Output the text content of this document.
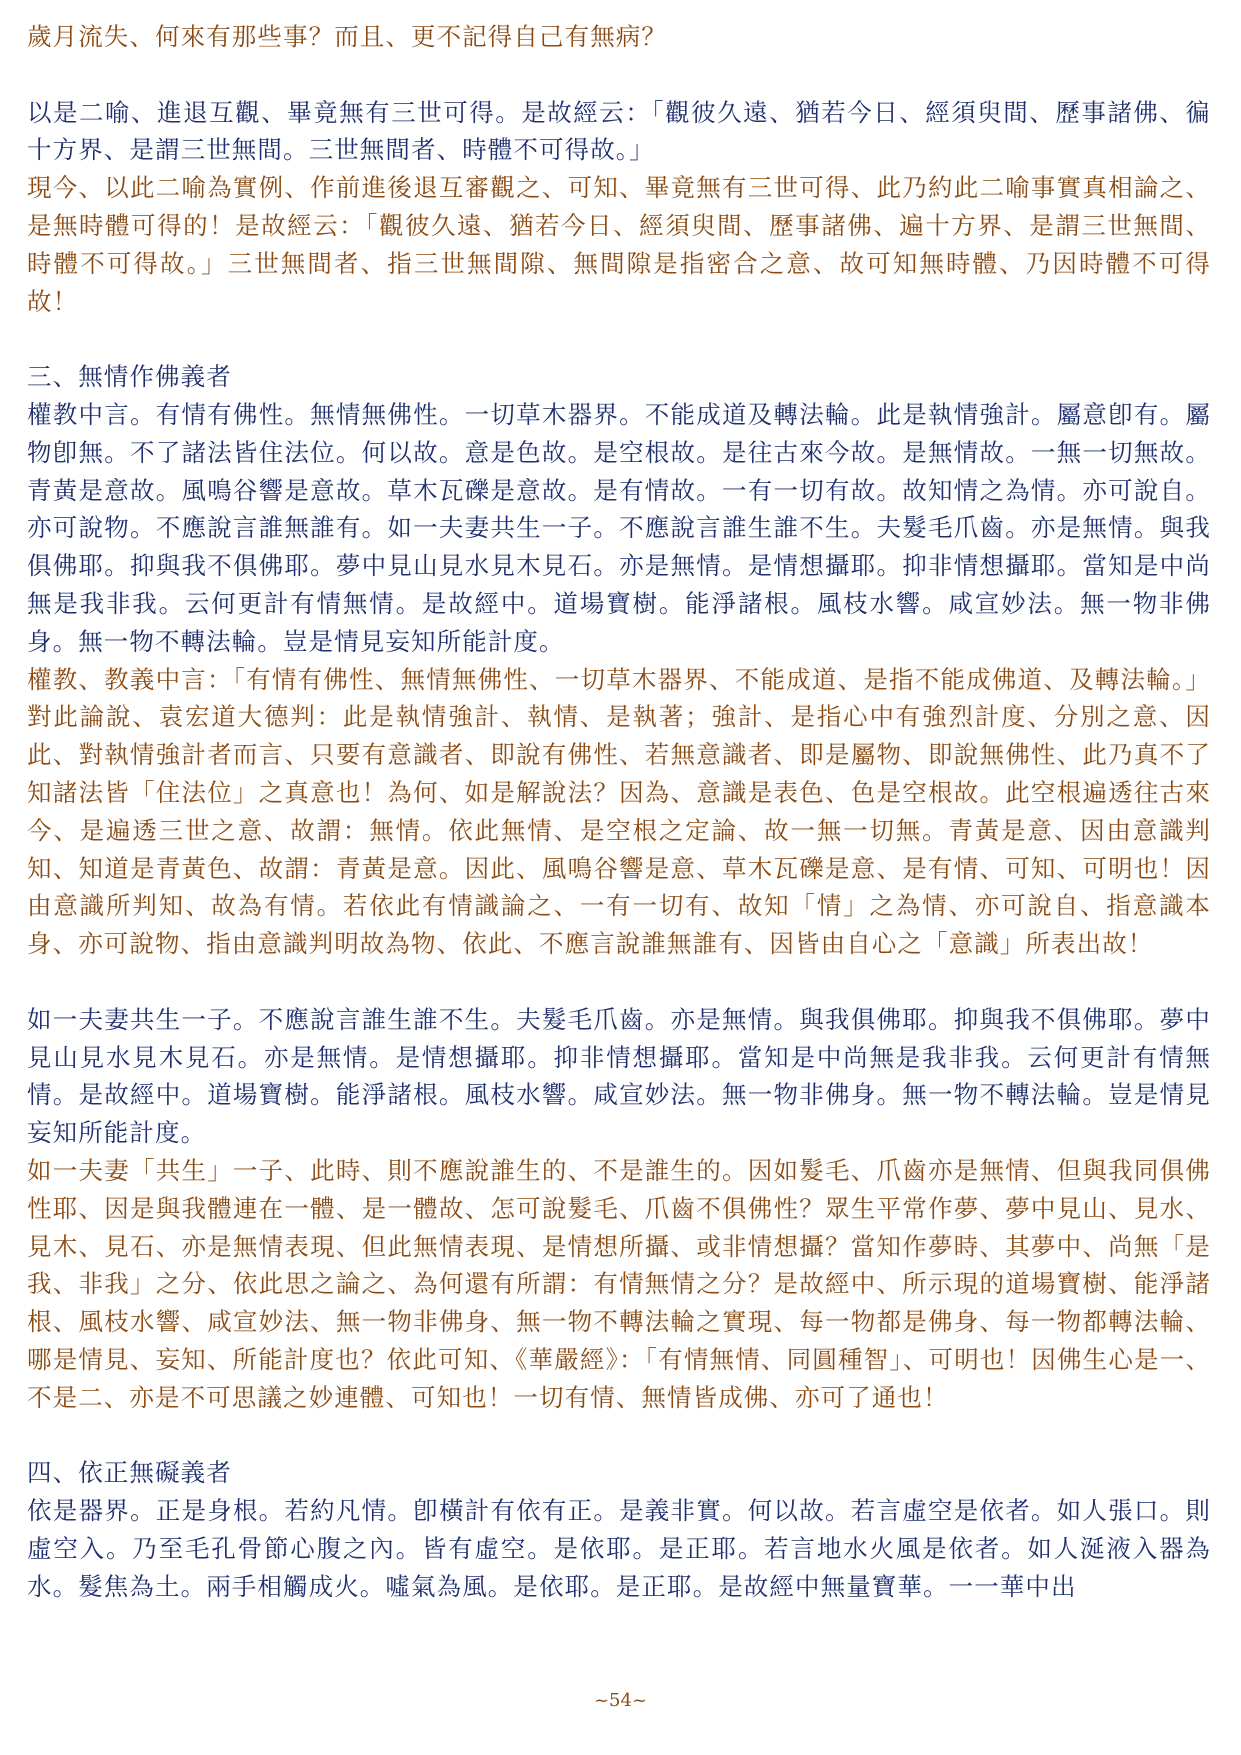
歲月流失、何來有那些事？而且、更不記得自己有無病？

以是二喻、進退互觀、畢竟無有三世可得。是故經云：「觀彼久遠、猶若今日、經須臾間、歷事諸佛、徧十方界、是謂三世無間。三世無間者、時體不可得故。」

現今、以此二喻為實例、作前進後退互審觀之、可知、畢竟無有三世可得、此乃約此二喻事實真相論之、是無時體可得的！是故經云：「觀彼久遠、猶若今日、經須臾間、歷事諸佛、遍十方界、是謂三世無間、時體不可得故。」三世無間者、指三世無間隙、無間隙是指密合之意、故可知無時體、乃因時體不可得故！

三、無情作佛義者

權教中言。有情有佛性。無情無佛性。一切草木器界。不能成道及轉法輪。此是執情強計。屬意卽有。屬物卽無。不了諸法皆住法位。何以故。意是色故。是空根故。是往古來今故。是無情故。一無一切無故。青黃是意故。風鳴谷響是意故。草木瓦礫是意故。是有情故。一有一切有故。故知情之為情。亦可說自。亦可說物。不應說言誰無誰有。如一夫妻共生一子。不應說言誰生誰不生。夫髮毛爪齒。亦是無情。與我俱佛耶。抑與我不俱佛耶。夢中見山見水見木見石。亦是無情。是情想攝耶。抑非情想攝耶。當知是中尚無是我非我。云何更計有情無情。是故經中。道場寶樹。能淨諸根。風枝水響。咸宣妙法。無一物非佛身。無一物不轉法輪。豈是情見妄知所能計度。

權教、教義中言：「有情有佛性、無情無佛性、一切草木器界、不能成道、是指不能成佛道、及轉法輪。」對此論說、袁宏道大德判：此是執情強計、執情、是執著；強計、是指心中有強烈計度、分別之意、因此、對執情強計者而言、只要有意識者、即說有佛性、若無意識者、即是屬物、即說無佛性、此乃真不了知諸法皆「住法位」之真意也！為何、如是解說法？因為、意識是表色、色是空根故。此空根遍透往古來今、是遍透三世之意、故謂：無情。依此無情、是空根之定論、故一無一切無。青黃是意、因由意識判知、知道是青黃色、故謂：青黃是意。因此、風鳴谷響是意、草木瓦礫是意、是有情、可知、可明也！因由意識所判知、故為有情。若依此有情識論之、一有一切有、故知「情」之為情、亦可說自、指意識本身、亦可說物、指由意識判明故為物、依此、不應言說誰無誰有、因皆由自心之「意識」所表出故！

如一夫妻共生一子。不應說言誰生誰不生。夫髮毛爪齒。亦是無情。與我俱佛耶。抑與我不俱佛耶。夢中見山見水見木見石。亦是無情。是情想攝耶。抑非情想攝耶。當知是中尚無是我非我。云何更計有情無情。是故經中。道場寶樹。能淨諸根。風枝水響。咸宣妙法。無一物非佛身。無一物不轉法輪。豈是情見妄知所能計度。

如一夫妻「共生」一子、此時、則不應說誰生的、不是誰生的。因如髮毛、爪齒亦是無情、但與我同俱佛性耶、因是與我體連在一體、是一體故、怎可說髮毛、爪齒不俱佛性？眾生平常作夢、夢中見山、見水、見木、見石、亦是無情表現、但此無情表現、是情想所攝、或非情想攝？當知作夢時、其夢中、尚無「是我、非我」之分、依此思之論之、為何還有所謂：有情無情之分？是故經中、所示現的道場寶樹、能淨諸根、風枝水響、咸宣妙法、無一物非佛身、無一物不轉法輪之實現、每一物都是佛身、每一物都轉法輪、哪是情見、妄知、所能計度也？依此可知、《華嚴經》：「有情無情、同圓種智」、可明也！因佛生心是一、不是二、亦是不可思議之妙連體、可知也！一切有情、無情皆成佛、亦可了通也！

四、依正無礙義者

依是器界。正是身根。若約凡情。卽橫計有依有正。是義非實。何以故。若言虛空是依者。如人張口。則虛空入。乃至毛孔骨節心腹之內。皆有虛空。是依耶。是正耶。若言地水火風是依者。如人涎液入器為水。髮焦為土。兩手相觸成火。噓氣為風。是依耶。是正耶。是故經中無量寶華。一一華中出

~54~
